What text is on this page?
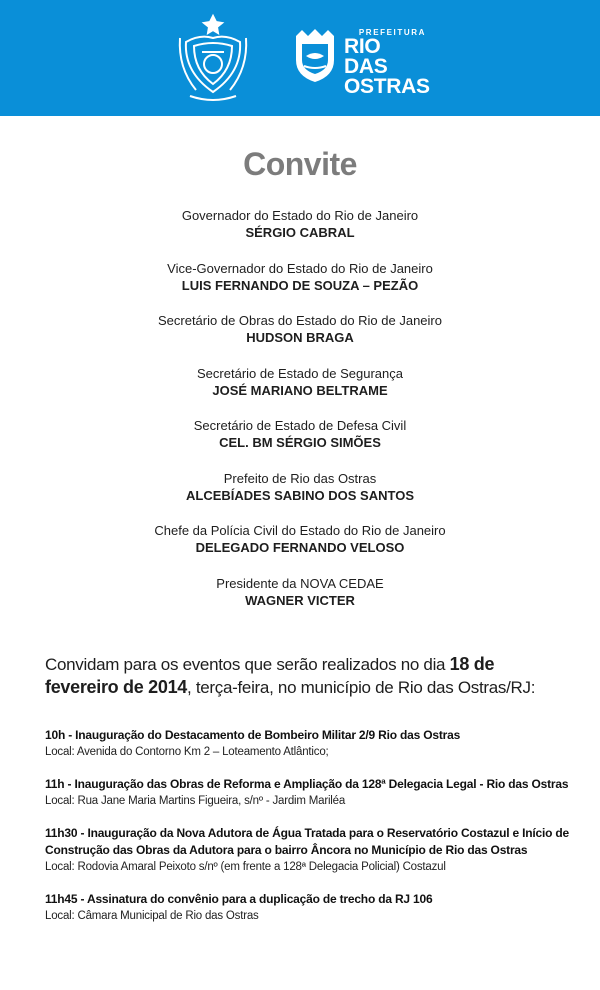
PREFEITURA
RIO DAS
OSTRAS
Convite
Governador do Estado do Rio de Janeiro
SÉRGIO CABRAL
Vice-Governador do Estado do Rio de Janeiro
LUIS FERNANDO DE SOUZA – PEZÃO
Secretário de Obras do Estado do Rio de Janeiro
HUDSON BRAGA
Secretário de Estado de Segurança
JOSÉ MARIANO BELTRAME
Secretário de Estado de Defesa Civil
CEL. BM SÉRGIO SIMÕES
Prefeito de Rio das Ostras
ALCEBÍADES SABINO DOS SANTOS
Chefe da Polícia Civil do Estado do Rio de Janeiro
DELEGADO FERNANDO VELOSO
Presidente da NOVA CEDAE
WAGNER VICTER
Convidam para os eventos que serão realizados no dia 18 de fevereiro de 2014, terça-feira, no município de Rio das Ostras/RJ:
10h - Inauguração do Destacamento de Bombeiro Militar 2/9 Rio das Ostras
Local: Avenida do Contorno Km 2 – Loteamento Atlântico;
11h - Inauguração das Obras de Reforma e Ampliação da 128ª Delegacia Legal - Rio das Ostras
Local: Rua Jane Maria Martins Figueira, s/nº - Jardim Mariléa
11h30 - Inauguração da Nova Adutora de Água Tratada para o Reservatório Costazul e Início de Construção das Obras da Adutora para o bairro Âncora no Município de Rio das Ostras
Local: Rodovia Amaral Peixoto s/nº (em frente a 128ª Delegacia Policial) Costazul
11h45 - Assinatura do convênio para a duplicação de trecho da RJ 106
Local: Câmara Municipal de Rio das Ostras
